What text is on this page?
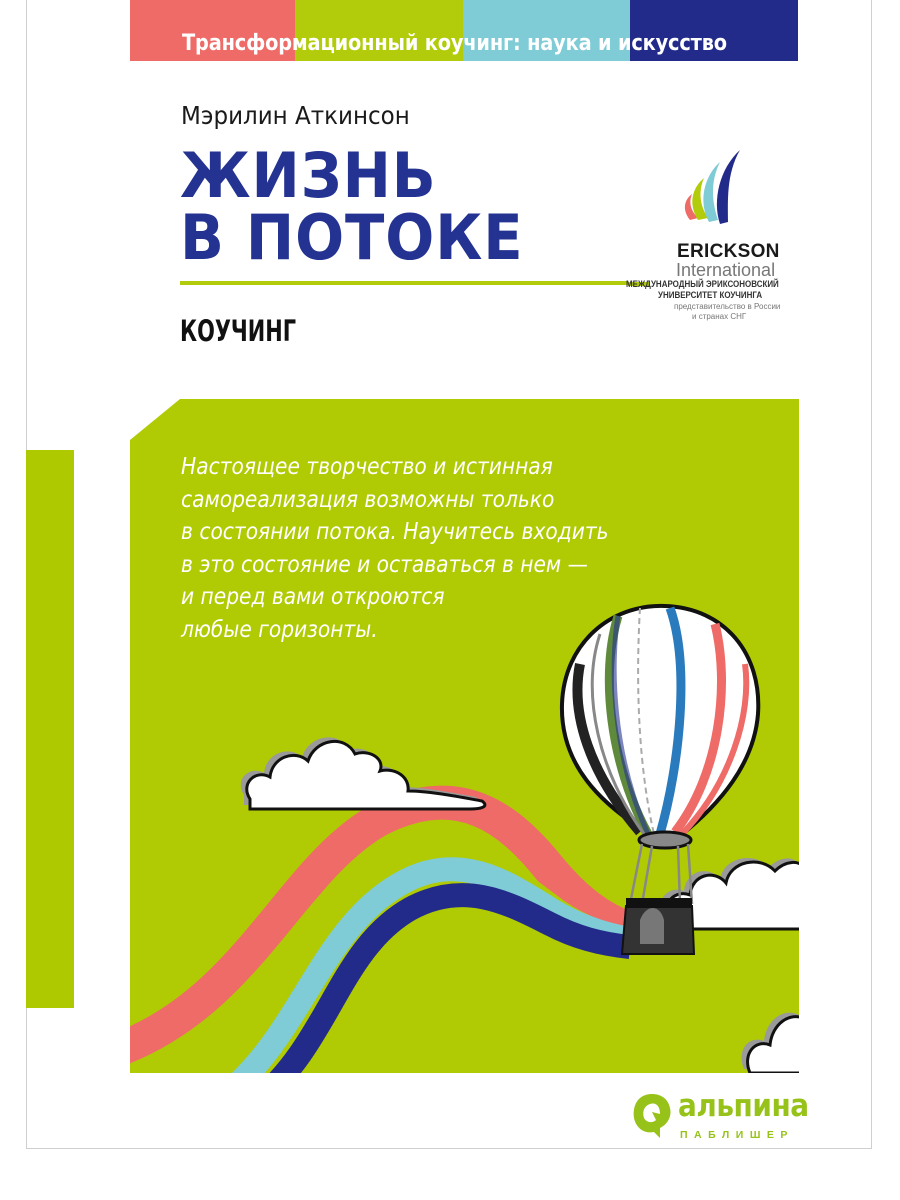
Трансформационный коучинг: наука и искусство
Мэрилин Аткинсон
ЖИЗНЬ
В ПОТОКЕ
КОУЧИНГ
ERICKSON
International
МЕЖДУНАРОДНЫЙ ЭРИКСОНОВСКИЙ
УНИВЕРСИТЕТ КОУЧИНГА
представительство в России
и странах СНГ
Настоящее творчество и истинная
самореализация возможны только
в состоянии потока. Научитесь входить
в это состояние и оставаться в нем —
и перед вами откроются
любые горизонты.
альпина
ПАБЛИШЕР
